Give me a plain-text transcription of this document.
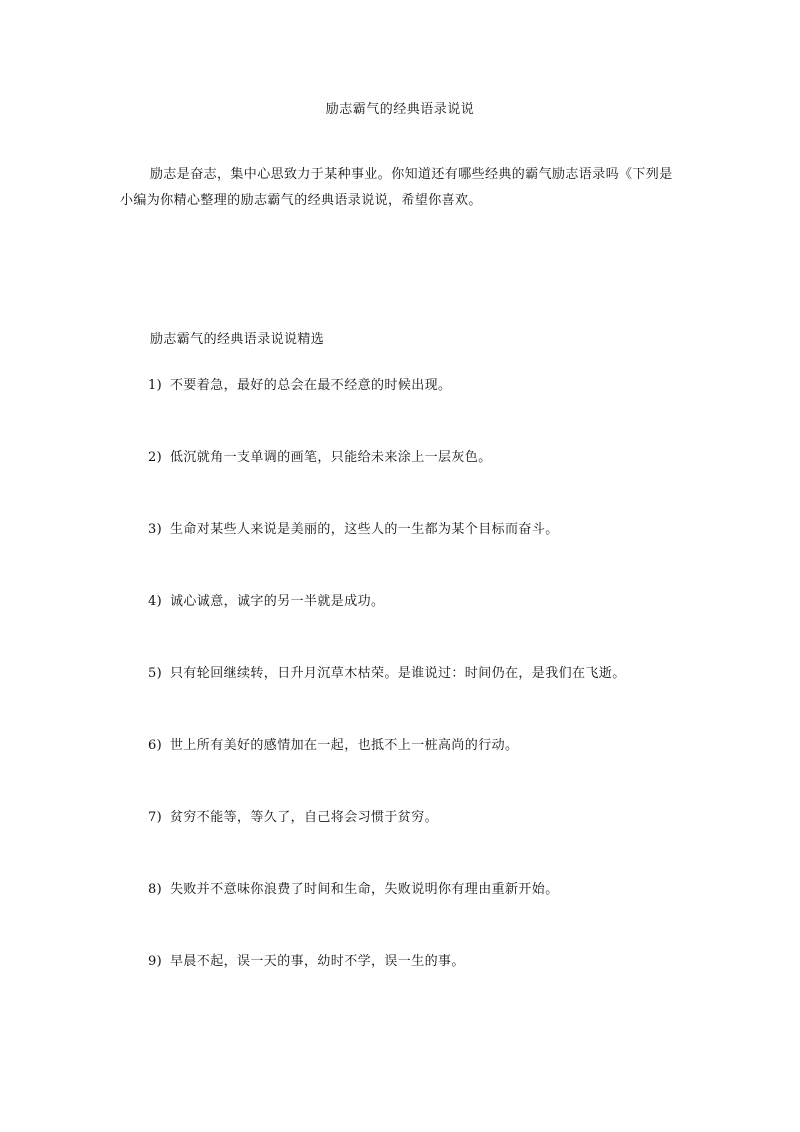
励志霸气的经典语录说说

励志是奋志，集中心思致力于某种事业。你知道还有哪些经典的霸气励志语录吗《下列是小编为你精心整理的励志霸气的经典语录说说，希望你喜欢。

励志霸气的经典语录说说精选
1) 不要着急，最好的总会在最不经意的时候出现。
2) 低沉就角一支单调的画笔，只能给未来涂上一层灰色。
3) 生命对某些人来说是美丽的，这些人的一生都为某个目标而奋斗。
4) 诚心诚意，诚字的另一半就是成功。
5) 只有轮回继续转，日升月沉草木枯荣。是谁说过：时间仍在，是我们在飞逝。
6) 世上所有美好的感情加在一起，也抵不上一桩高尚的行动。
7) 贫穷不能等，等久了，自己将会习惯于贫穷。
8) 失败并不意味你浪费了时间和生命，失败说明你有理由重新开始。
9) 早晨不起，误一天的事，幼时不学，误一生的事。
